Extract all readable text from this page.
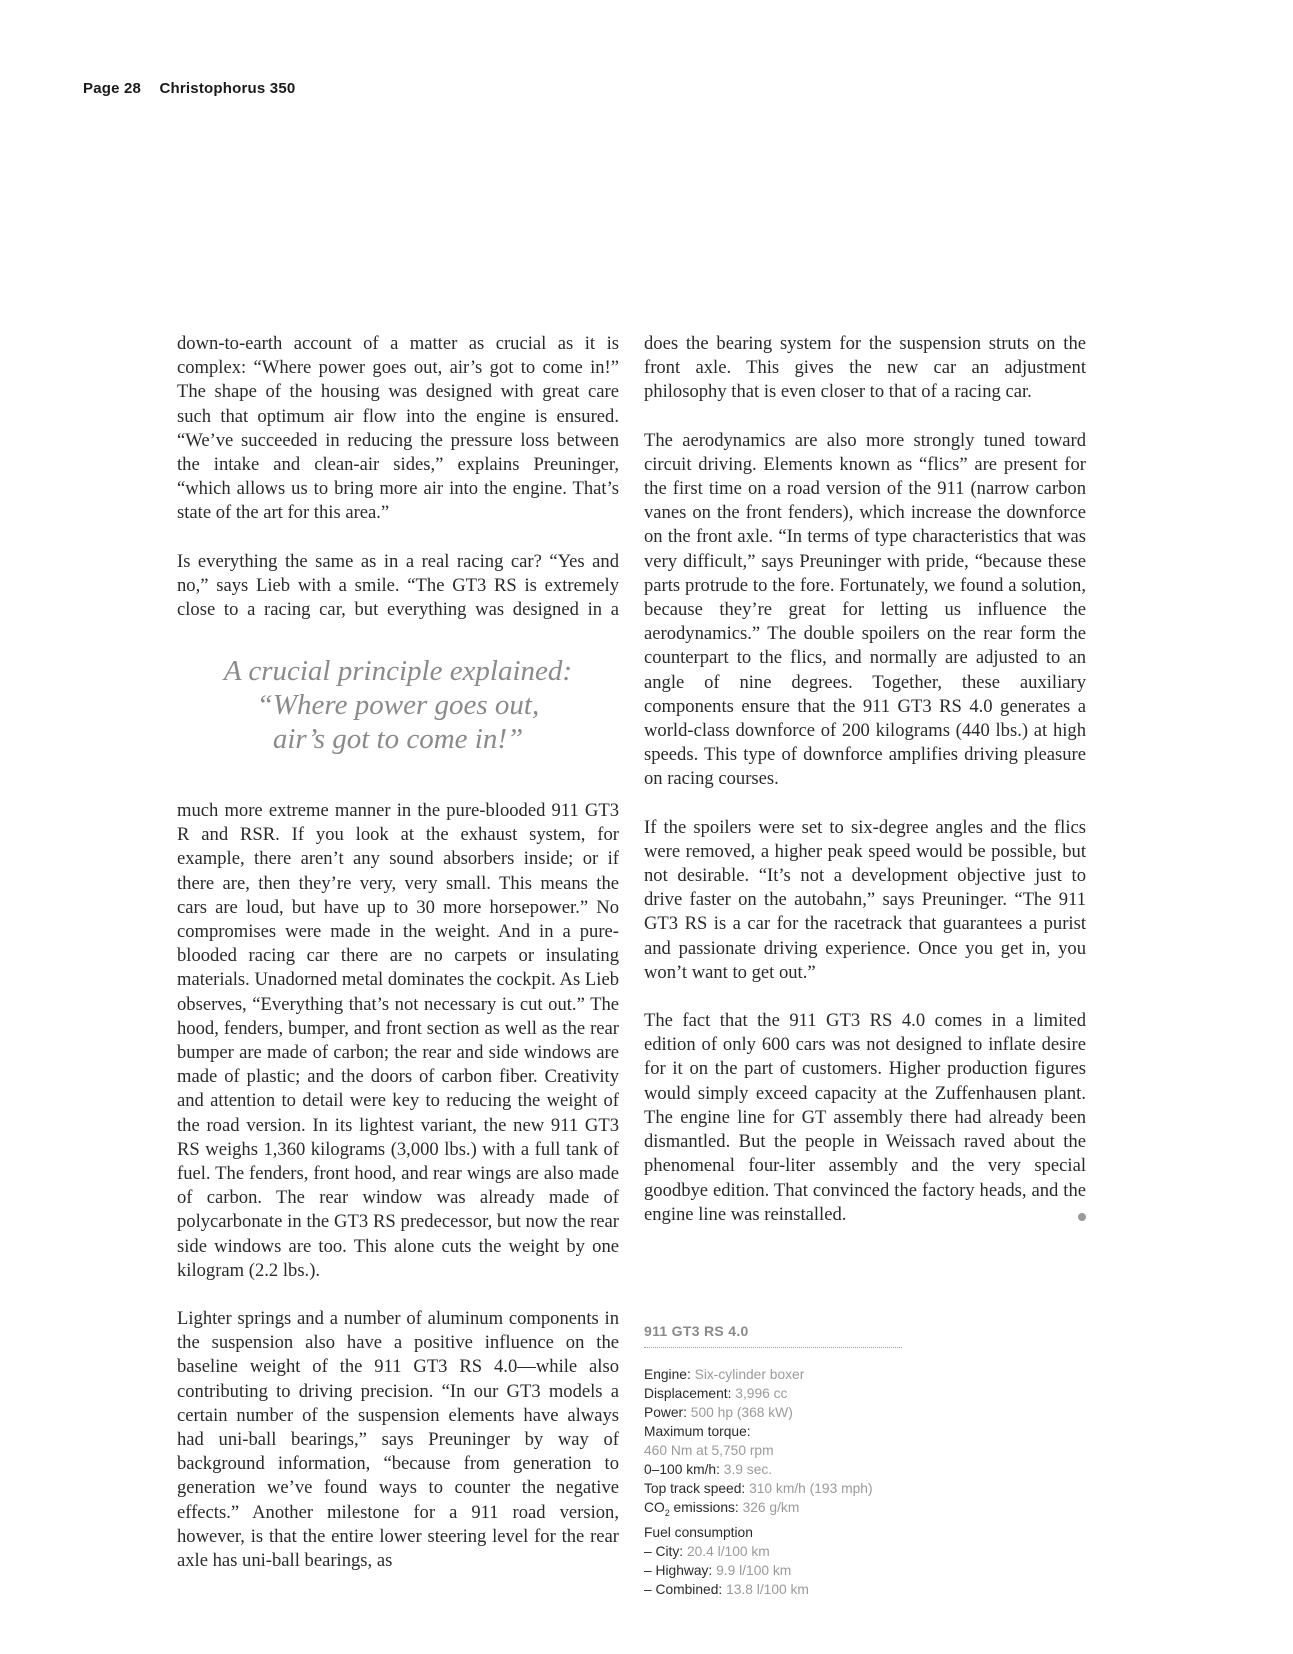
Page 28 Christophorus 350

down-to-earth account of a matter as crucial as it is complex: “Where power goes out, air’s got to come in!” The shape of the housing was designed with great care such that optimum air flow into the engine is ensured. “We’ve succeeded in reducing the pressure loss between the intake and clean-air sides,” explains Preuninger, “which allows us to bring more air into the engine. That’s state of the art for this area.”

Is everything the same as in a real racing car? “Yes and no,” says Lieb with a smile. “The GT3 RS is extremely close to a racing car, but everything was designed in a

A crucial principle explained:
“Where power goes out,
air’s got to come in!”

much more extreme manner in the pure-blooded 911 GT3 R and RSR. If you look at the exhaust system, for example, there aren’t any sound absorbers inside; or if there are, then they’re very, very small. This means the cars are loud, but have up to 30 more horsepower.” No compromises were made in the weight. And in a pure-blooded racing car there are no carpets or insulating materials. Unadorned metal dominates the cockpit. As Lieb observes, “Everything that’s not necessary is cut out.” The hood, fenders, bumper, and front section as well as the rear bumper are made of carbon; the rear and side windows are made of plastic; and the doors of carbon fiber. Creativity and attention to detail were key to reducing the weight of the road version. In its lightest variant, the new 911 GT3 RS weighs 1,360 kilograms (3,000 lbs.) with a full tank of fuel. The fenders, front hood, and rear wings are also made of carbon. The rear window was already made of polycarbonate in the GT3 RS predecessor, but now the rear side windows are too. This alone cuts the weight by one kilogram (2.2 lbs.).

Lighter springs and a number of aluminum components in the suspension also have a positive influence on the baseline weight of the 911 GT3 RS 4.0—while also contributing to driving precision. “In our GT3 models a certain number of the suspension elements have always had uni-ball bearings,” says Preuninger by way of background information, “because from generation to generation we’ve found ways to counter the negative effects.” Another milestone for a 911 road version, however, is that the entire lower steering level for the rear axle has uni-ball bearings, as

does the bearing system for the suspension struts on the front axle. This gives the new car an adjustment philosophy that is even closer to that of a racing car.

The aerodynamics are also more strongly tuned toward circuit driving. Elements known as “flics” are present for the first time on a road version of the 911 (narrow carbon vanes on the front fenders), which increase the downforce on the front axle. “In terms of type characteristics that was very difficult,” says Preuninger with pride, “because these parts protrude to the fore. Fortunately, we found a solution, because they’re great for letting us influence the aerodynamics.” The double spoilers on the rear form the counterpart to the flics, and normally are adjusted to an angle of nine degrees. Together, these auxiliary components ensure that the 911 GT3 RS 4.0 generates a world-class downforce of 200 kilograms (440 lbs.) at high speeds. This type of downforce amplifies driving pleasure on racing courses.

If the spoilers were set to six-degree angles and the flics were removed, a higher peak speed would be possible, but not desirable. “It’s not a development objective just to drive faster on the autobahn,” says Preuninger. “The 911 GT3 RS is a car for the racetrack that guarantees a purist and passionate driving experience. Once you get in, you won’t want to get out.”

The fact that the 911 GT3 RS 4.0 comes in a limited edition of only 600 cars was not designed to inflate desire for it on the part of customers. Higher production figures would simply exceed capacity at the Zuffenhausen plant. The engine line for GT assembly there had already been dismantled. But the people in Weissach raved about the phenomenal four-liter assembly and the very special goodbye edition. That convinced the factory heads, and the engine line was reinstalled.

911 GT3 RS 4.0
Engine: Six-cylinder boxer
Displacement: 3,996 cc
Power: 500 hp (368 kW)
Maximum torque:
460 Nm at 5,750 rpm
0–100 km/h: 3.9 sec.
Top track speed: 310 km/h (193 mph)
$CO_2$ emissions: 326 g/km
Fuel consumption
– City: 20.4 l/100 km
– Highway: 9.9 l/100 km
– Combined: 13.8 l/100 km
